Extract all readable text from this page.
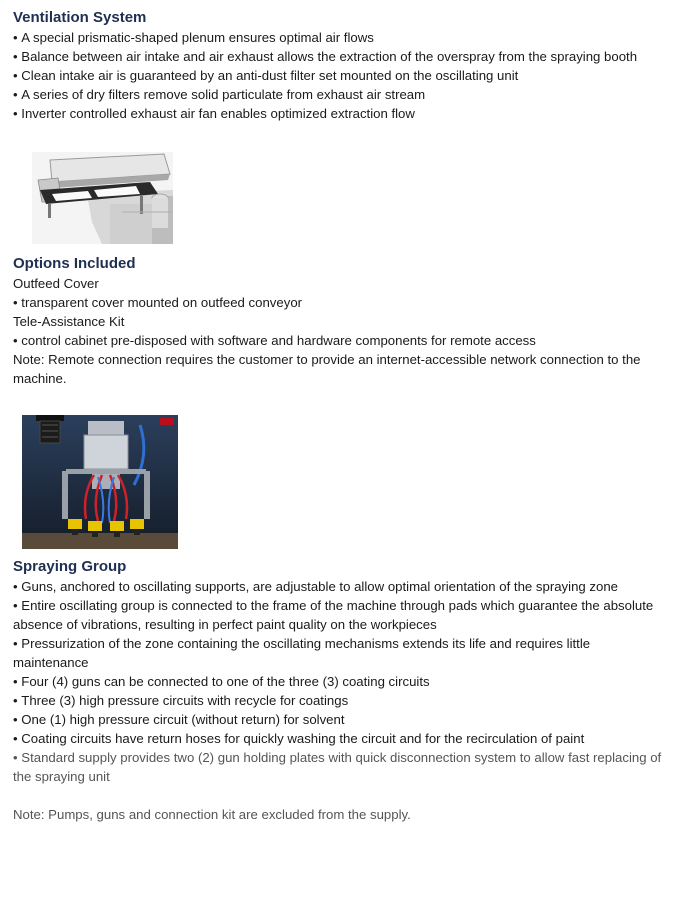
Ventilation System

• A special prismatic-shaped plenum ensures optimal air flows

• Balance between air intake and air exhaust allows the extraction of the overspray from the spraying booth

• Clean intake air is guaranteed by an anti-dust filter set mounted on the oscillating unit

• A series of dry filters remove solid particulate from exhaust air stream

• Inverter controlled exhaust air fan enables optimized extraction flow

Options Included

Outfeed Cover

• transparent cover mounted on outfeed conveyor

Tele-Assistance Kit

• control cabinet pre-disposed with software and hardware components for remote access

Note: Remote connection requires the customer to provide an internet-accessible network connection to the machine.

Spraying Group

• Guns, anchored to oscillating supports, are adjustable to allow optimal orientation of the spraying zone

• Entire oscillating group is connected to the frame of the machine through pads which guarantee the absolute absence of vibrations, resulting in perfect paint quality on the workpieces

• Pressurization of the zone containing the oscillating mechanisms extends its life and requires little maintenance

• Four (4) guns can be connected to one of the three (3) coating circuits

• Three (3) high pressure circuits with recycle for coatings

• One (1) high pressure circuit (without return) for solvent

• Coating circuits have return hoses for quickly washing the circuit and for the recirculation of paint

• Standard supply provides two (2) gun holding plates with quick disconnection system to allow fast replacing of the spraying unit

Note: Pumps, guns and connection kit are excluded from the supply.
